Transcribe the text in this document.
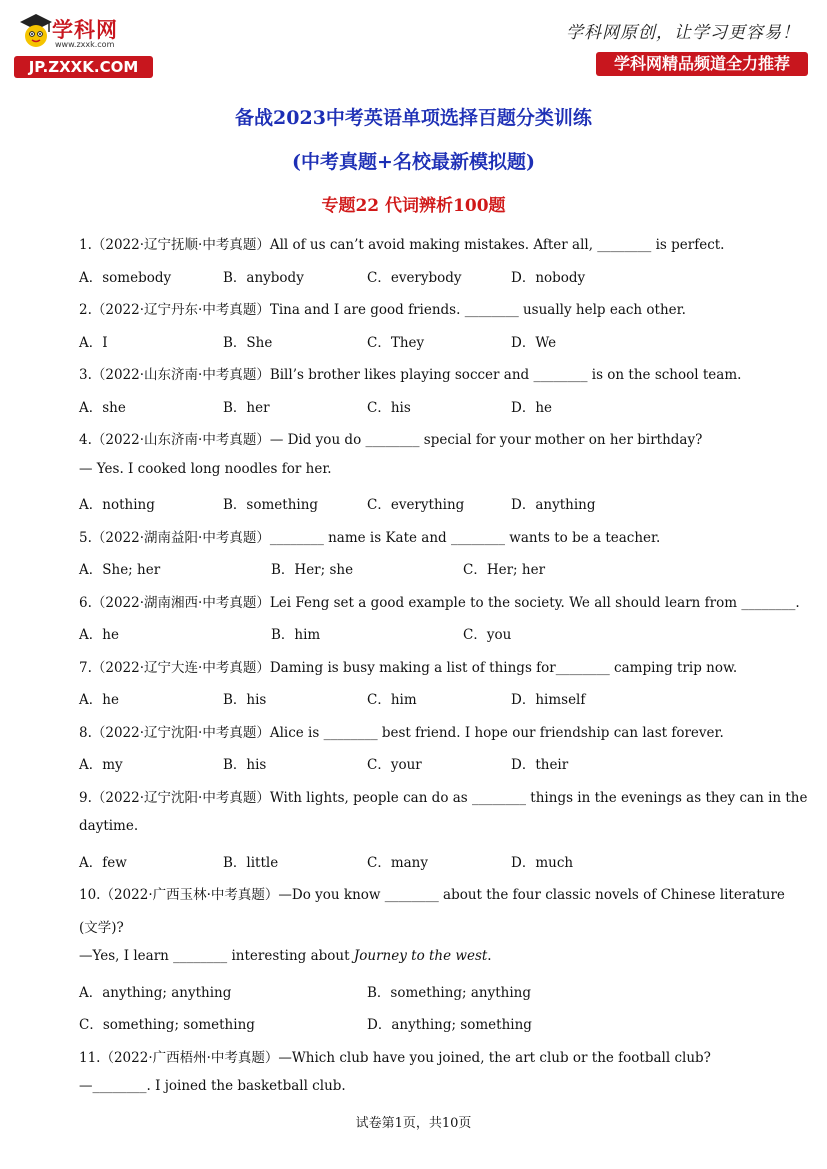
学科网
www.zxxk.com
JP.ZXXK.COM
学科网原创，让学习更容易！
学科网精品频道全力推荐
备战2023中考英语单项选择百题分类训练
(中考真题+名校最新模拟题)
专题22 代词辨析100题
1.（2022·辽宁抚顺·中考真题）All of us can’t avoid making mistakes. After all, ________ is perfect.
A．somebody	B．anybody	C．everybody	D．nobody
2.（2022·辽宁丹东·中考真题）Tina and I are good friends. ________ usually help each other.
A．I	B．She	C．They	D．We
3.（2022·山东济南·中考真题）Bill’s brother likes playing soccer and ________ is on the school team.
A．she	B．her	C．his	D．he
4.（2022·山东济南·中考真题）— Did you do ________ special for your mother on her birthday?
— Yes. I cooked long noodles for her.
A．nothing	B．something	C．everything	D．anything
5.（2022·湖南益阳·中考真题）________ name is Kate and ________ wants to be a teacher.
A．She; her	B．Her; she	C．Her; her
6.（2022·湖南湘西·中考真题）Lei Feng set a good example to the society. We all should learn from ________.
A．he	B．him	C．you
7.（2022·辽宁大连·中考真题）Daming is busy making a list of things for________ camping trip now.
A．he	B．his	C．him	D．himself
8.（2022·辽宁沈阳·中考真题）Alice is ________ best friend. I hope our friendship can last forever.
A．my	B．his	C．your	D．their
9.（2022·辽宁沈阳·中考真题）With lights, people can do as ________ things in the evenings as they can in the
daytime.
A．few	B．little	C．many	D．much
10.（2022·广西玉林·中考真题）—Do you know ________ about the four classic novels of Chinese literature
(文学)?
—Yes, I learn ________ interesting about Journey to the west.
A．anything; anything	B．something; anything
C．something; something	D．anything; something
11.（2022·广西梧州·中考真题）—Which club have you joined, the art club or the football club?
—________. I joined the basketball club.
试卷第1页，共10页
